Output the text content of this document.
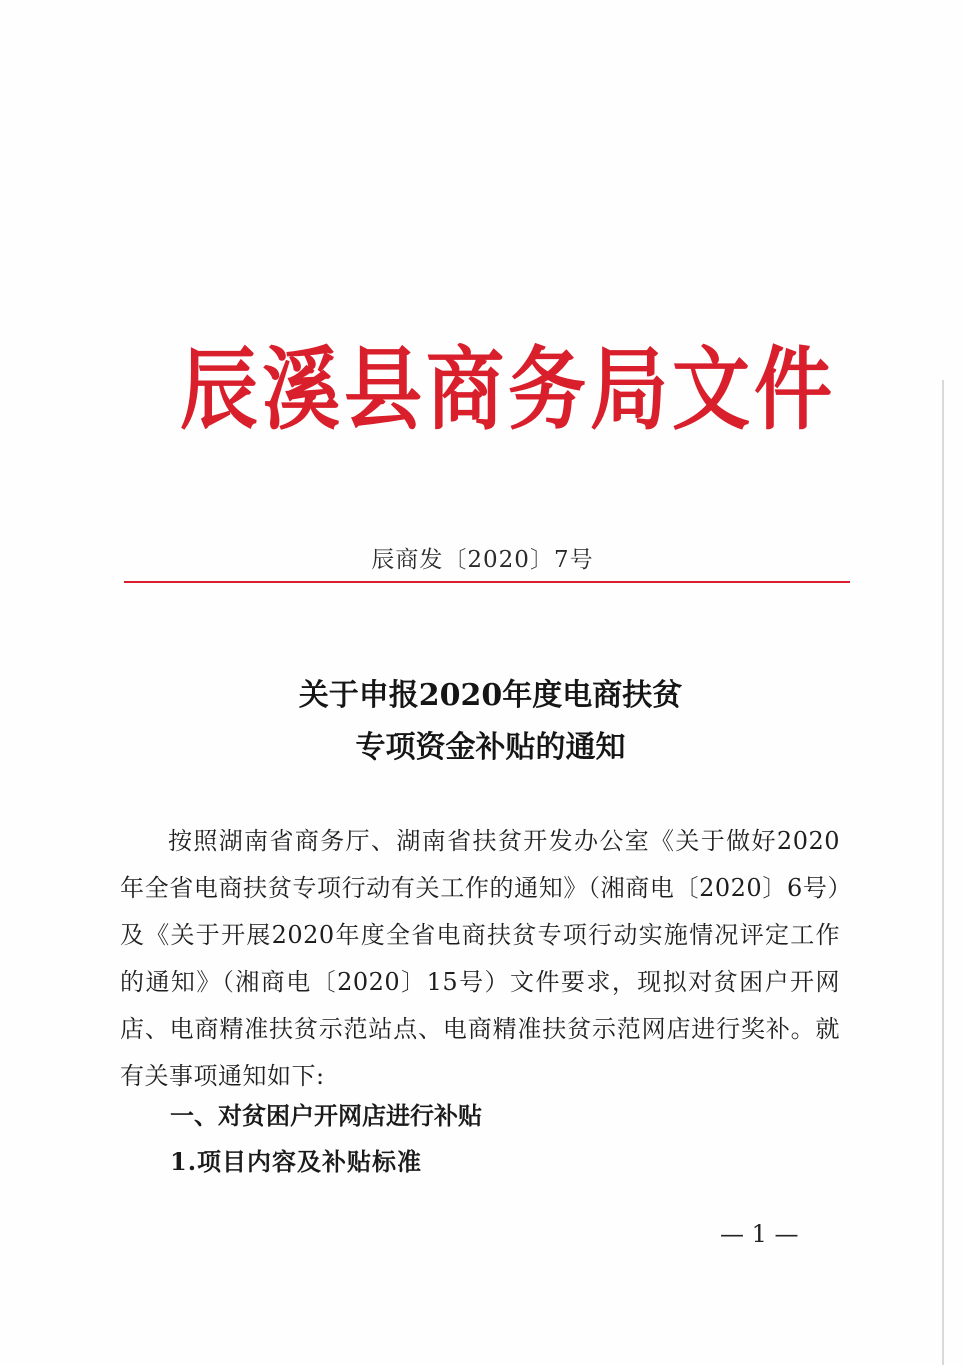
辰溪县商务局文件
辰商发〔2020〕7号
关于申报2020年度电商扶贫
专项资金补贴的通知

按照湖南省商务厅、湖南省扶贫开发办公室《关于做好2020年全省电商扶贫专项行动有关工作的通知》（湘商电〔2020〕6号）及《关于开展2020年度全省电商扶贫专项行动实施情况评定工作的通知》（湘商电〔2020〕15号）文件要求，现拟对贫困户开网店、电商精准扶贫示范站点、电商精准扶贫示范网店进行奖补。就有关事项通知如下:

一、对贫困户开网店进行补贴
1.项目内容及补贴标准
— 1 —
